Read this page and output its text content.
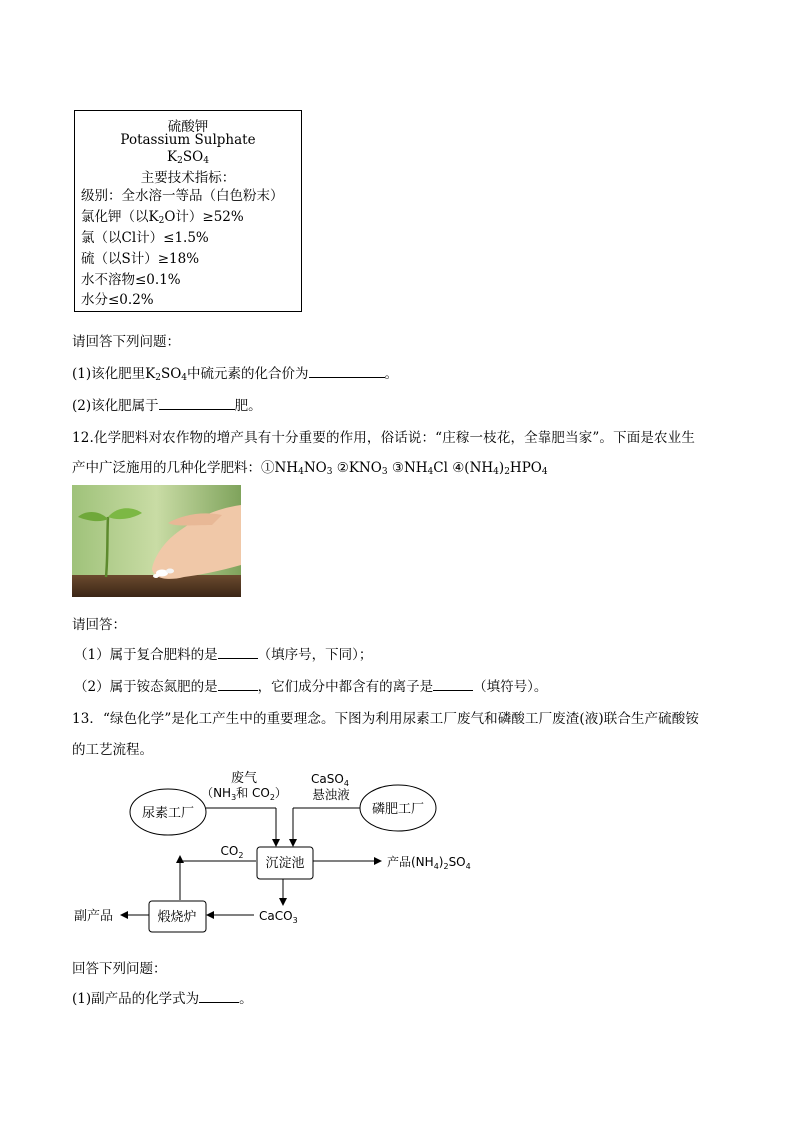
硫酸钾
Potassium Sulphate
$K_2SO_4$
主要技术指标：
级别：全水溶一等品（白色粉末）
氯化钾（以$K_2O$计）≥52%
氯（以Cl计）≤1.5%
硫（以S计）≥18%
水不溶物≤0.1%
水分≤0.2%
请回答下列问题：
(1)该化肥里$K_2SO_4$中硫元素的化合价为	。
(2)该化肥属于	肥。
12.化学肥料对农作物的增产具有十分重要的作用，俗话说：“庄稼一枝花，全靠肥当家”。下面是农业生
产中广泛施用的几种化学肥料：$①NH_4NO_3$ $②KNO_3$ $③NH_4Cl$ $④(NH_4)_2HPO_4$
请回答：
（1）属于复合肥料的是	（填序号，下同）；
（2）属于铵态氮肥的是	，它们成分中都含有的离子是	（填符号）。
13．“绿色化学”是化工产生中的重要理念。下图为利用尿素工厂废气和磷酸工厂废渣(液)联合生产硫酸铵
的工艺流程。
尿素工厂	磷肥工厂
废气
（$NH_3$和 $CO_2$）
CaSO$_4$
悬浊液
沉淀池	产品$(NH_4)_2SO_4$
$CO_2$
CaCO$_3$
煅烧炉
副产品
回答下列问题：
(1)副产品的化学式为	。
